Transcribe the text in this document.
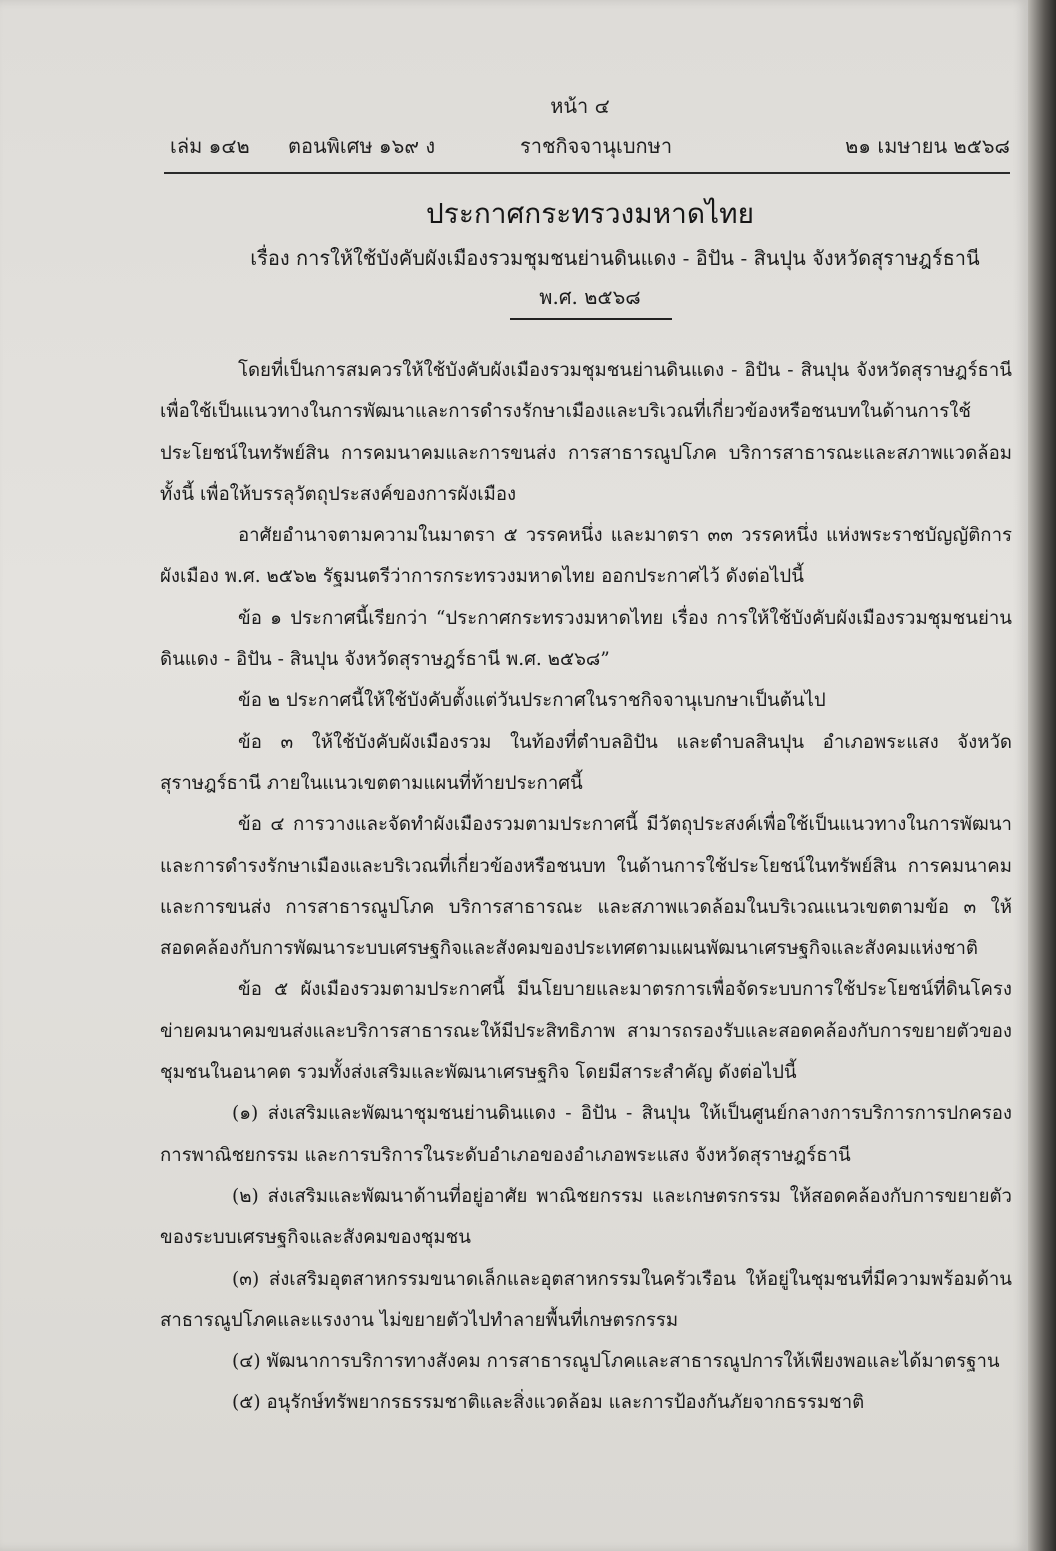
หน้า ๔
เล่ม ๑๔๒ ตอนพิเศษ ๑๖๙ ง	ราชกิจจานุเบกษา	๒๑ เมษายน ๒๕๖๘
ประกาศกระทรวงมหาดไทย
เรื่อง การให้ใช้บังคับผังเมืองรวมชุมชนย่านดินแดง - อิปัน - สินปุน จังหวัดสุราษฎร์ธานี
พ.ศ. ๒๕๖๘

โดยที่เป็นการสมควรให้ใช้บังคับผังเมืองรวมชุมชนย่านดินแดง - อิปัน - สินปุน จังหวัดสุราษฎร์ธานี เพื่อใช้เป็นแนวทางในการพัฒนาและการดำรงรักษาเมืองและบริเวณที่เกี่ยวข้องหรือชนบทในด้านการใช้ประโยชน์ในทรัพย์สิน การคมนาคมและการขนส่ง การสาธารณูปโภค บริการสาธารณะและสภาพแวดล้อม ทั้งนี้ เพื่อให้บรรลุวัตถุประสงค์ของการผังเมือง

อาศัยอำนาจตามความในมาตรา ๕ วรรคหนึ่ง และมาตรา ๓๓ วรรคหนึ่ง แห่งพระราชบัญญัติการผังเมือง พ.ศ. ๒๕๖๒ รัฐมนตรีว่าการกระทรวงมหาดไทย ออกประกาศไว้ ดังต่อไปนี้

ข้อ ๑ ประกาศนี้เรียกว่า “ประกาศกระทรวงมหาดไทย เรื่อง การให้ใช้บังคับผังเมืองรวมชุมชนย่านดินแดง - อิปัน - สินปุน จังหวัดสุราษฎร์ธานี พ.ศ. ๒๕๖๘”

ข้อ ๒ ประกาศนี้ให้ใช้บังคับตั้งแต่วันประกาศในราชกิจจานุเบกษาเป็นต้นไป

ข้อ ๓ ให้ใช้บังคับผังเมืองรวม ในท้องที่ตำบลอิปัน และตำบลสินปุน อำเภอพระแสง จังหวัดสุราษฎร์ธานี ภายในแนวเขตตามแผนที่ท้ายประกาศนี้

ข้อ ๔ การวางและจัดทำผังเมืองรวมตามประกาศนี้ มีวัตถุประสงค์เพื่อใช้เป็นแนวทางในการพัฒนาและการดำรงรักษาเมืองและบริเวณที่เกี่ยวข้องหรือชนบท ในด้านการใช้ประโยชน์ในทรัพย์สิน การคมนาคมและการขนส่ง การสาธารณูปโภค บริการสาธารณะ และสภาพแวดล้อมในบริเวณแนวเขตตามข้อ ๓ ให้สอดคล้องกับการพัฒนาระบบเศรษฐกิจและสังคมของประเทศตามแผนพัฒนาเศรษฐกิจและสังคมแห่งชาติ

ข้อ ๕ ผังเมืองรวมตามประกาศนี้ มีนโยบายและมาตรการเพื่อจัดระบบการใช้ประโยชน์ที่ดินโครงข่ายคมนาคมขนส่งและบริการสาธารณะให้มีประสิทธิภาพ สามารถรองรับและสอดคล้องกับการขยายตัวของชุมชนในอนาคต รวมทั้งส่งเสริมและพัฒนาเศรษฐกิจ โดยมีสาระสำคัญ ดังต่อไปนี้

(๑) ส่งเสริมและพัฒนาชุมชนย่านดินแดง - อิปัน - สินปุน ให้เป็นศูนย์กลางการบริการการปกครอง การพาณิชยกรรม และการบริการในระดับอำเภอของอำเภอพระแสง จังหวัดสุราษฎร์ธานี

(๒) ส่งเสริมและพัฒนาด้านที่อยู่อาศัย พาณิชยกรรม และเกษตรกรรม ให้สอดคล้องกับการขยายตัวของระบบเศรษฐกิจและสังคมของชุมชน

(๓) ส่งเสริมอุตสาหกรรมขนาดเล็กและอุตสาหกรรมในครัวเรือน ให้อยู่ในชุมชนที่มีความพร้อมด้านสาธารณูปโภคและแรงงาน ไม่ขยายตัวไปทำลายพื้นที่เกษตรกรรม

(๔) พัฒนาการบริการทางสังคม การสาธารณูปโภคและสาธารณูปการให้เพียงพอและได้มาตรฐาน

(๕) อนุรักษ์ทรัพยากรธรรมชาติและสิ่งแวดล้อม และการป้องกันภัยจากธรรมชาติ
